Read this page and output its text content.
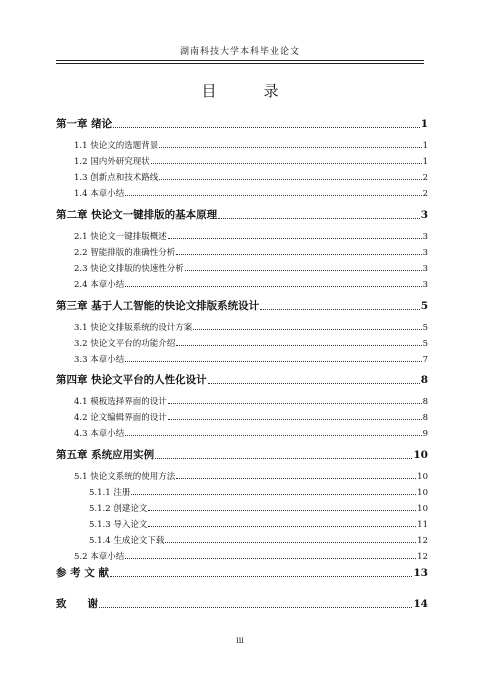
湖南科技大学本科毕业论文
目　录
第一章 绪论	1
1.1 快论文的选题背景	1
1.2 国内外研究现状	1
1.3 创新点和技术路线	2
1.4 本章小结	2
第二章 快论文一键排版的基本原理	3
2.1 快论文一键排版概述	3
2.2 智能排版的准确性分析	3
2.3 快论文排版的快速性分析	3
2.4 本章小结	3
第三章 基于人工智能的快论文排版系统设计	5
3.1 快论文排版系统的设计方案	5
3.2 快论文平台的功能介绍	5
3.3 本章小结	7
第四章 快论文平台的人性化设计	8
4.1 模板选择界面的设计	8
4.2 论文编辑界面的设计	8
4.3 本章小结	9
第五章 系统应用实例	10
5.1 快论文系统的使用方法	10
5.1.1 注册	10
5.1.2 创建论文	10
5.1.3 导入论文	11
5.1.4 生成论文下载	12
5.2 本章小结	12
参 考 文 献	13
致　　谢	14
iii
